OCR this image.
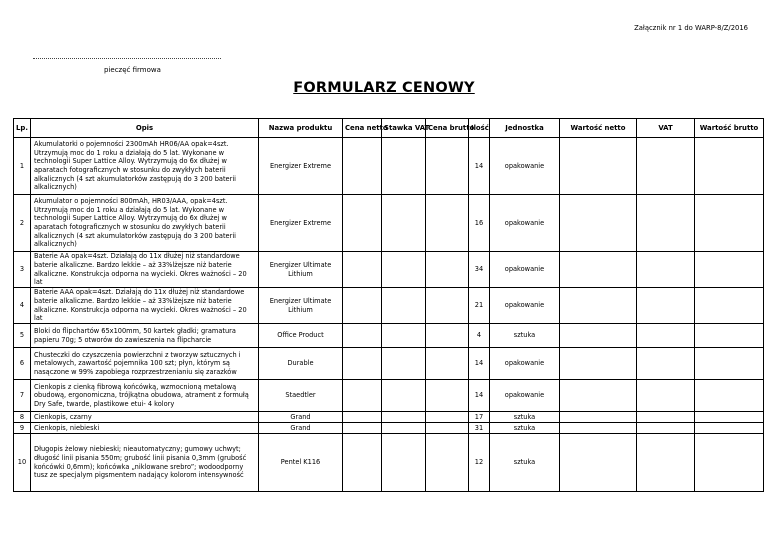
Załącznik nr 1 do WARP-8/Z/2016
pieczęć firmowa
FORMULARZ CENOWY
Lp.	Opis	Nazwa produktu	Cena netto	Stawka VAT	Cena brutto	Ilość	Jednostka	Wartość netto	VAT	Wartość brutto
1	Akumulatorki o pojemności 2300mAh HR06/AA opak=4szt. Utrzymują moc do 1 roku a działają do 5 lat. Wykonane w technologii Super Lattice Alloy. Wytrzymują do 6x dłużej w aparatach fotograficznych w stosunku do zwykłych baterii alkalicznych (4 szt akumulatorków zastępują do 3 200 baterii alkalicznych)	Energizer Extreme				14	opakowanie			
2	Akumulator o pojemności 800mAh, HR03/AAA, opak=4szt. Utrzymują moc do 1 roku a działają do 5 lat. Wykonane w technologii Super Lattice Alloy. Wytrzymują do 6x dłużej w aparatach fotograficznych w stosunku do zwykłych baterii alkalicznych (4 szt akumulatorków zastępują do 3 200 baterii alkalicznych)	Energizer Extreme				16	opakowanie			
3	Baterie AA opak=4szt. Działają do 11x dłużej niż standardowe baterie alkaliczne. Bardzo lekkie – aż 33%lżejsze niż baterie alkaliczne. Konstrukcja odporna na wycieki. Okres ważności – 20 lat	Energizer Ultimate Lithium				34	opakowanie			
4	Baterie AAA opak=4szt. Działają do 11x dłużej niż standardowe baterie alkaliczne. Bardzo lekkie – aż 33%lżejsze niż baterie alkaliczne. Konstrukcja odporna na wycieki. Okres ważności – 20 lat	Energizer Ultimate Lithium				21	opakowanie			
5	Bloki do flipchartów 65x100mm, 50 kartek gładki; gramatura papieru 70g; 5 otworów do zawieszenia na flipcharcie	Office Product				4	sztuka			
6	Chusteczki do czyszczenia powierzchni z tworzyw sztucznych i metalowych, zawartość pojemnika 100 szt; płyn, którym są nasączone w 99% zapobiega rozprzestrzenianiu się zarazków	Durable				14	opakowanie			
7	Cienkopis z cienką fibrową końcówką, wzmocnioną metalową obudową, ergonomiczna, trójkątna obudowa, atrament z formułą Dry Safe, twarde, plastikowe etui- 4 kolory	Staedtler				14	opakowanie			
8	Cienkopis, czarny	Grand				17	sztuka			
9	Cienkopis, niebieski	Grand				31	sztuka			
10	Długopis żelowy niebieski; nieautomatyczny; gumowy uchwyt; długość linii pisania 550m; grubość linii pisania 0,3mm (grubość końcówki 0,6mm); końcówka „niklowane srebro”; wodoodporny tusz ze specjalym pigsmentem nadający kolorom intensywność	Pentel K116				12	sztuka			
